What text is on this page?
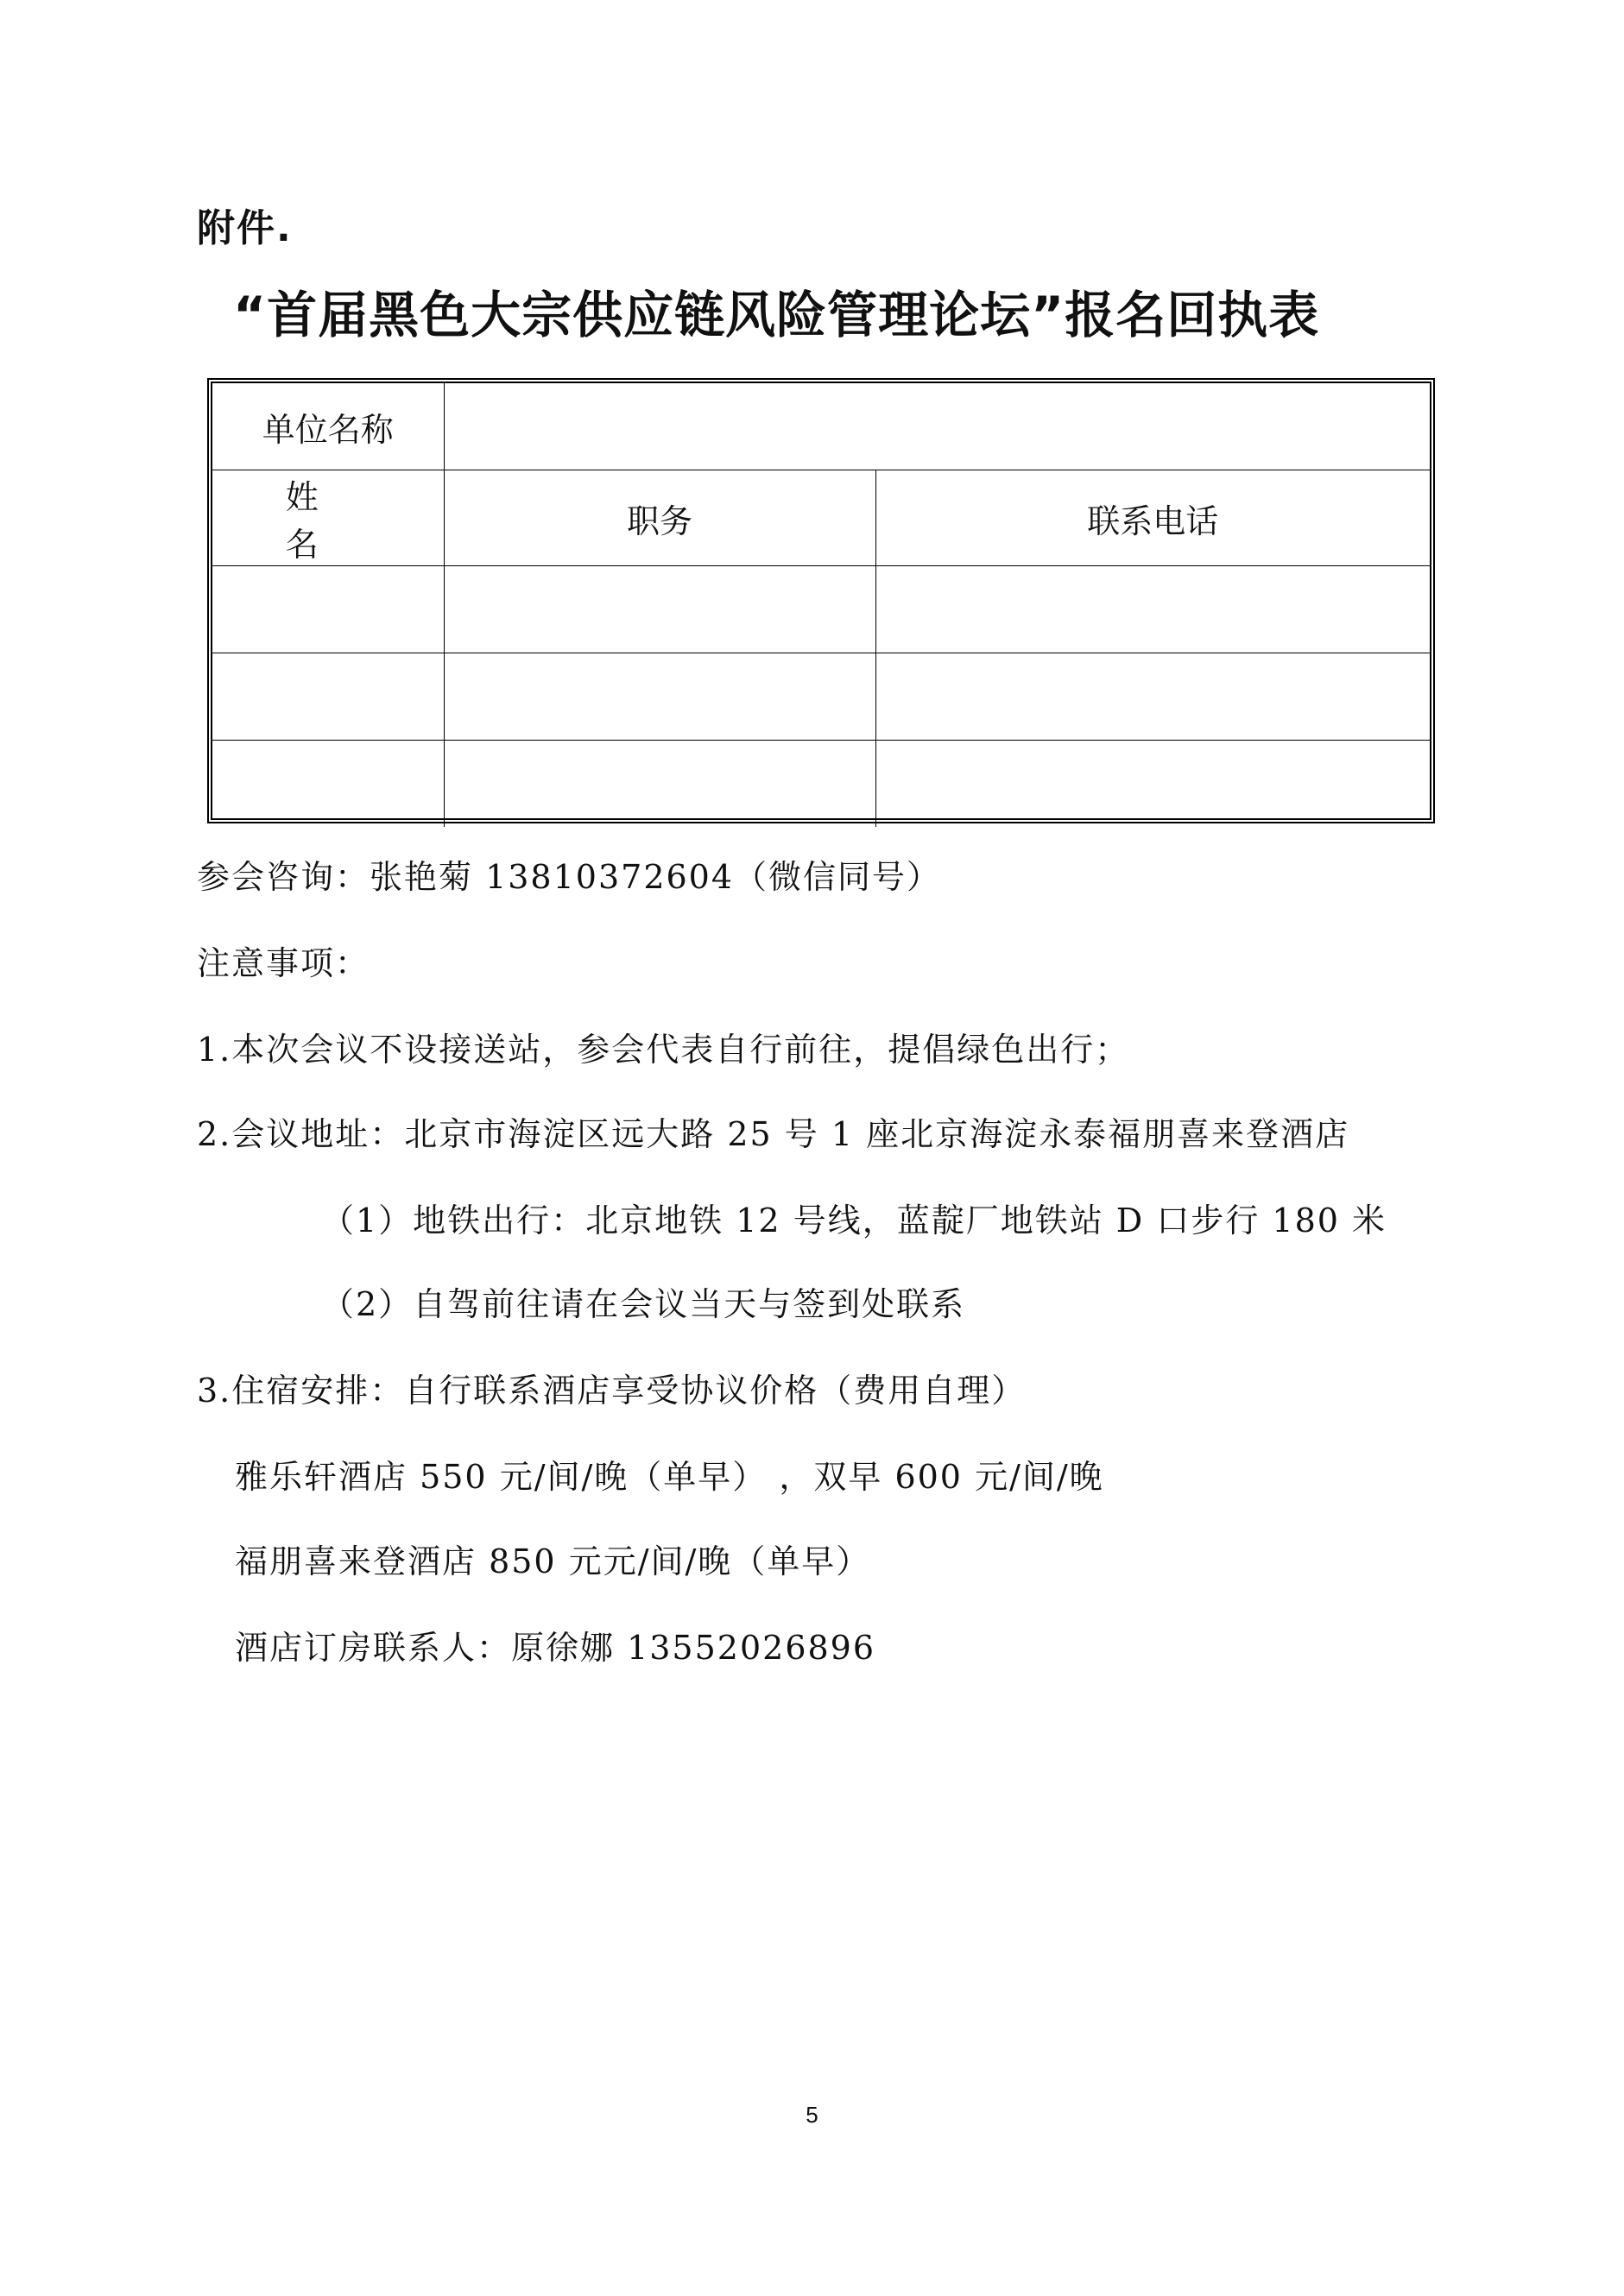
附件.
“首届黑色大宗供应链风险管理论坛”报名回执表
单位名称		
姓 名	职务	联系电话

参会咨询：张艳菊 13810372604（微信同号）
注意事项：
1.本次会议不设接送站，参会代表自行前往，提倡绿色出行；
2.会议地址：北京市海淀区远大路 25 号 1 座北京海淀永泰福朋喜来登酒店
（1）地铁出行：北京地铁 12 号线，蓝靛厂地铁站 D 口步行 180 米
（2）自驾前往请在会议当天与签到处联系
3.住宿安排：自行联系酒店享受协议价格（费用自理）
雅乐轩酒店 550 元/间/晚（单早） ，双早 600 元/间/晚
福朋喜来登酒店 850 元元/间/晚（单早）
酒店订房联系人：原徐娜 13552026896
5
